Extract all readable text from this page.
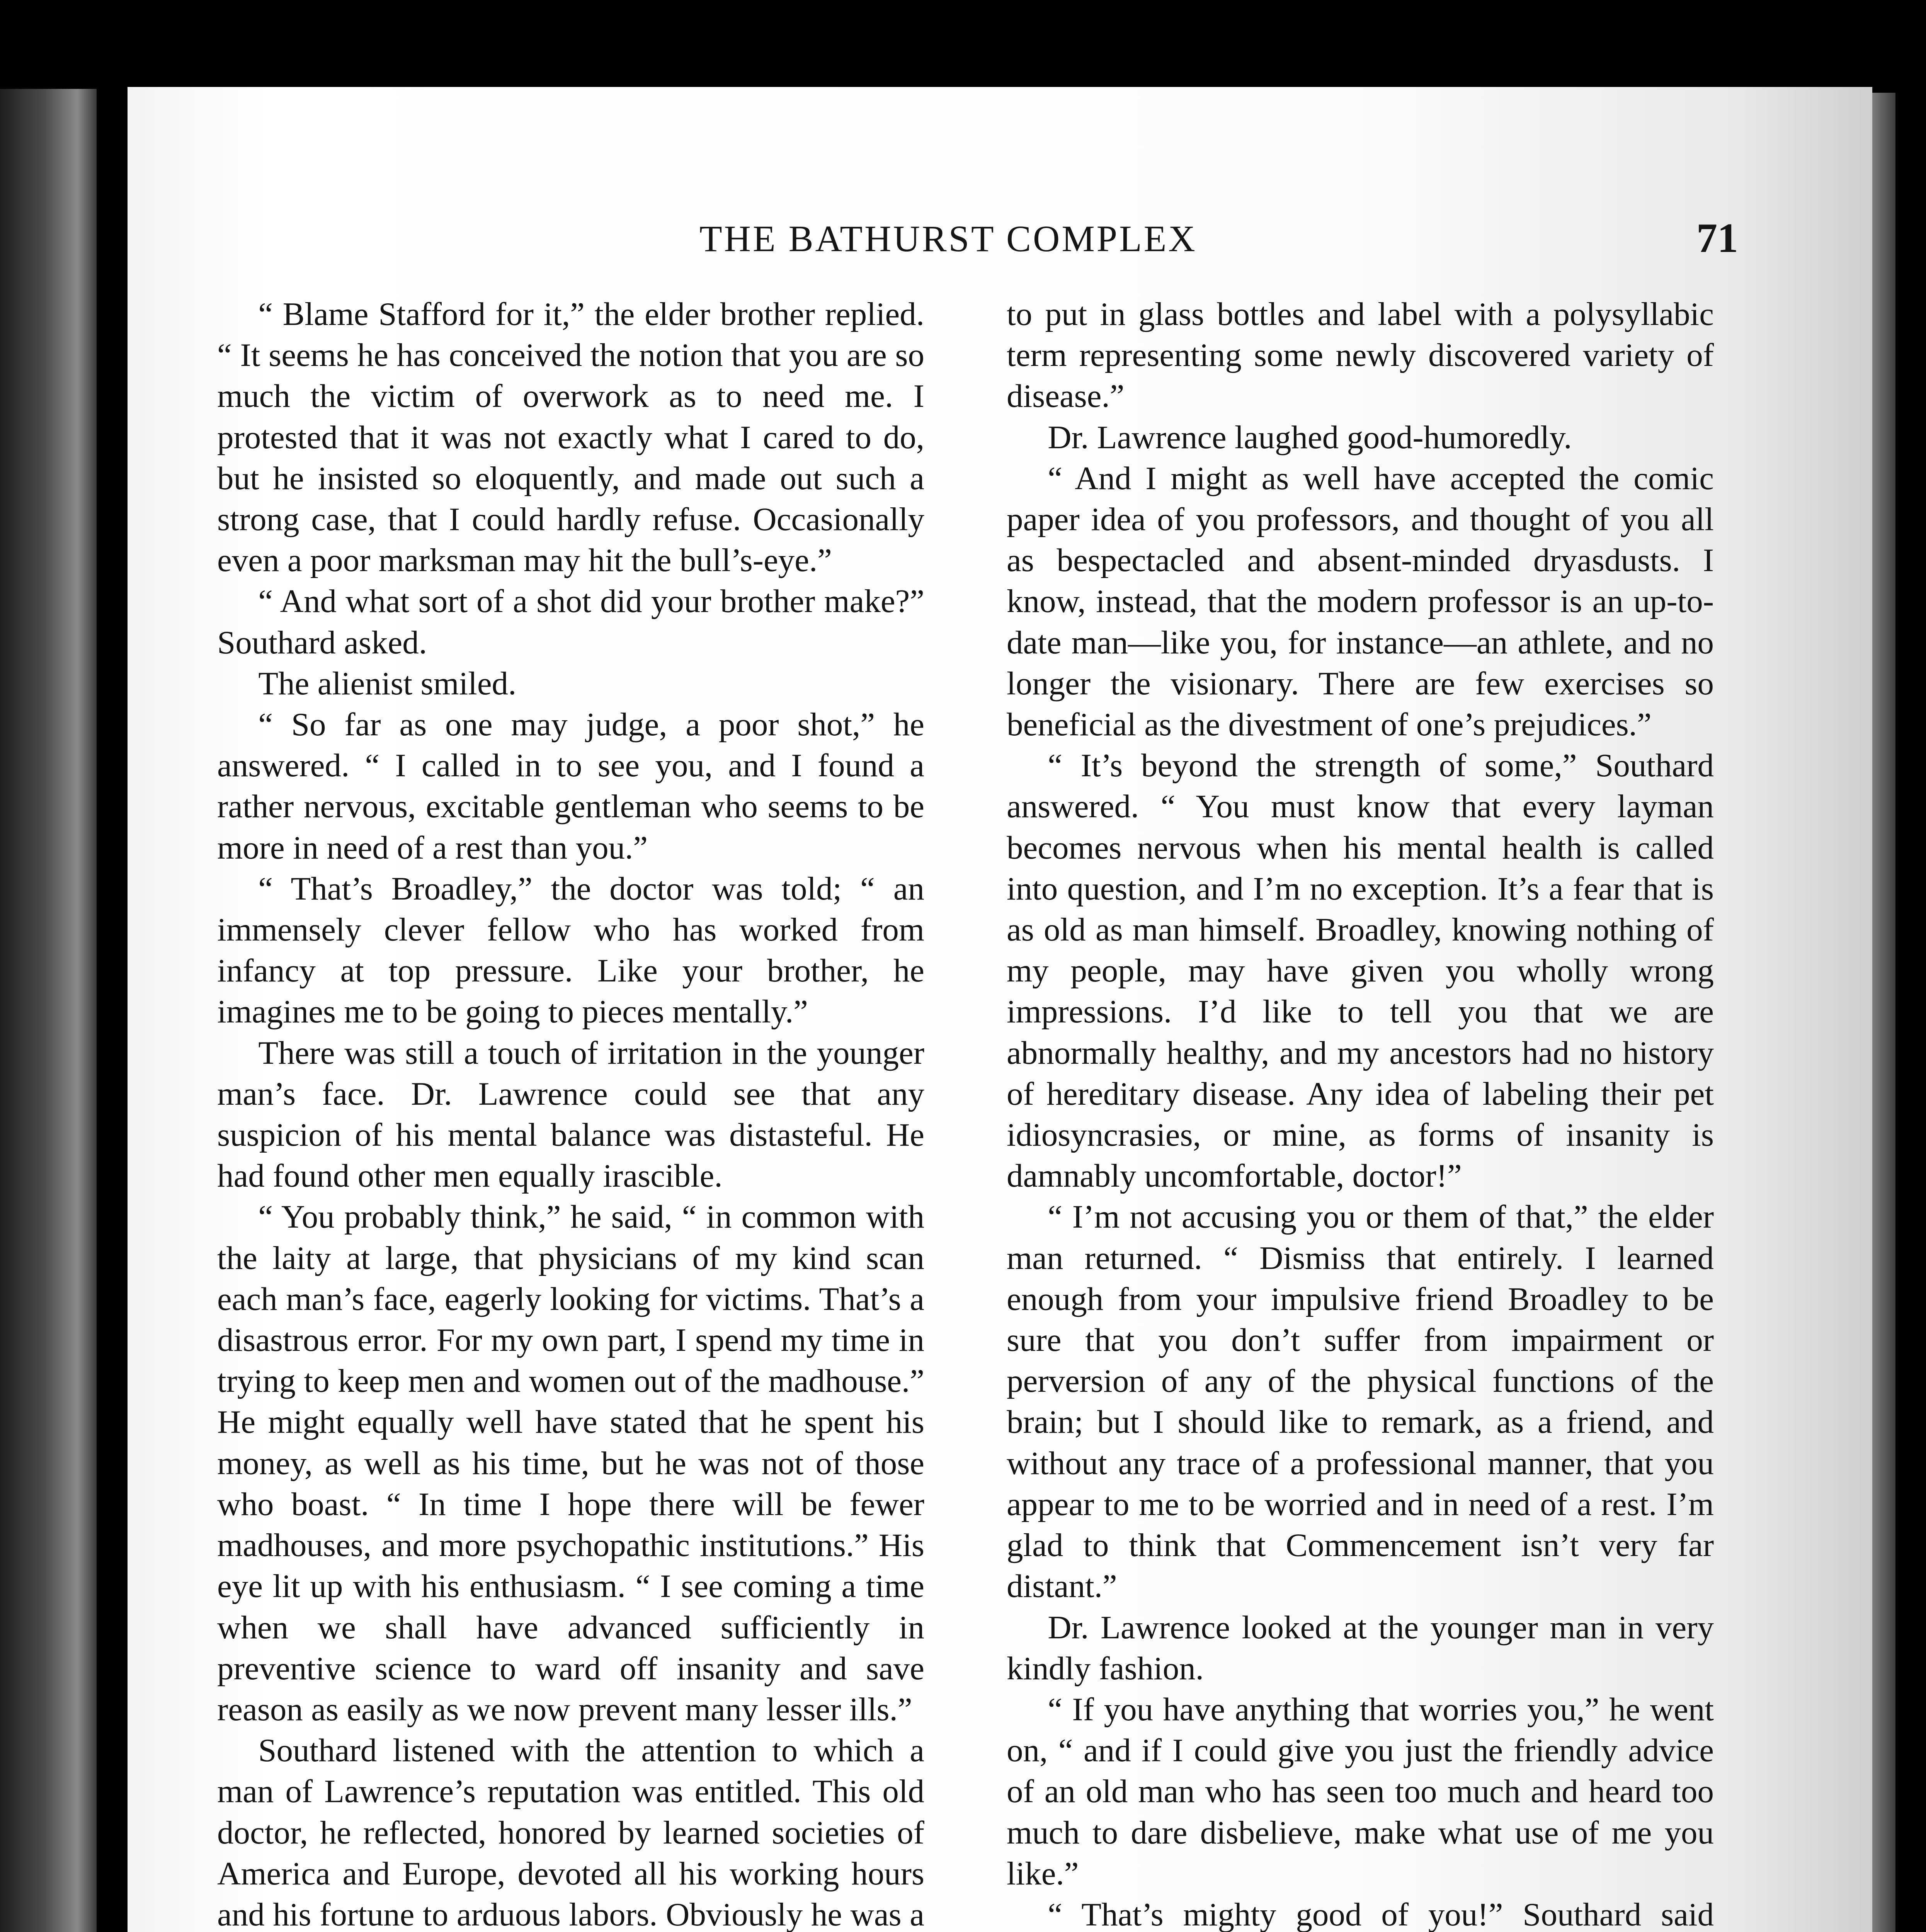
THE BATHURST COMPLEX	71

“ Blame Stafford for it,” the elder brother replied. “ It seems he has conceived the notion that you are so much the victim of overwork as to need me. I protested that it was not exactly what I cared to do, but he insisted so eloquently, and made out such a strong case, that I could hardly refuse. Occasionally even a poor marksman may hit the bull’s-eye.”

“ And what sort of a shot did your brother make?” Southard asked.

The alienist smiled.

“ So far as one may judge, a poor shot,” he answered. “ I called in to see you, and I found a rather nervous, excitable gentleman who seems to be more in need of a rest than you.”

“ That’s Broadley,” the doctor was told; “ an immensely clever fellow who has worked from infancy at top pressure. Like your brother, he imagines me to be going to pieces mentally.”

There was still a touch of irritation in the younger man’s face. Dr. Lawrence could see that any suspicion of his mental balance was distasteful. He had found other men equally irascible.

“ You probably think,” he said, “ in common with the laity at large, that physicians of my kind scan each man’s face, eagerly looking for victims. That’s a disastrous error. For my own part, I spend my time in trying to keep men and women out of the madhouse.” He might equally well have stated that he spent his money, as well as his time, but he was not of those who boast. “ In time I hope there will be fewer madhouses, and more psychopathic institutions.” His eye lit up with his enthusiasm. “ I see coming a time when we shall have advanced sufficiently in preventive science to ward off insanity and save reason as easily as we now prevent many lesser ills.”

Southard listened with the attention to which a man of Lawrence’s reputation was entitled. This old doctor, he reflected, honored by learned societies of America and Europe, devoted all his working hours and his fortune to arduous labors. Obviously he was a

to put in glass bottles and label with a polysyllabic term representing some newly discovered variety of disease.”

Dr. Lawrence laughed good-humoredly.

“ And I might as well have accepted the comic paper idea of you professors, and thought of you all as bespectacled and absent-minded dryasdusts. I know, instead, that the modern professor is an up-to-date man—like you, for instance—an athlete, and no longer the visionary. There are few exercises so beneficial as the divestment of one’s prejudices.”

“ It’s beyond the strength of some,” Southard answered. “ You must know that every layman becomes nervous when his mental health is called into question, and I’m no exception. It’s a fear that is as old as man himself. Broadley, knowing nothing of my people, may have given you wholly wrong impressions. I’d like to tell you that we are abnormally healthy, and my ancestors had no history of hereditary disease. Any idea of labeling their pet idiosyncrasies, or mine, as forms of insanity is damnably uncomfortable, doctor!”

“ I’m not accusing you or them of that,” the elder man returned. “ Dismiss that entirely. I learned enough from your impulsive friend Broadley to be sure that you don’t suffer from impairment or perversion of any of the physical functions of the brain; but I should like to remark, as a friend, and without any trace of a professional manner, that you appear to me to be worried and in need of a rest. I’m glad to think that Commencement isn’t very far distant.”

Dr. Lawrence looked at the younger man in very kindly fashion.

“ If you have anything that worries you,” he went on, “ and if I could give you just the friendly advice of an old man who has seen too much and heard too much to dare disbelieve, make what use of me you like.”

“ That’s mighty good of you!” Southard said
